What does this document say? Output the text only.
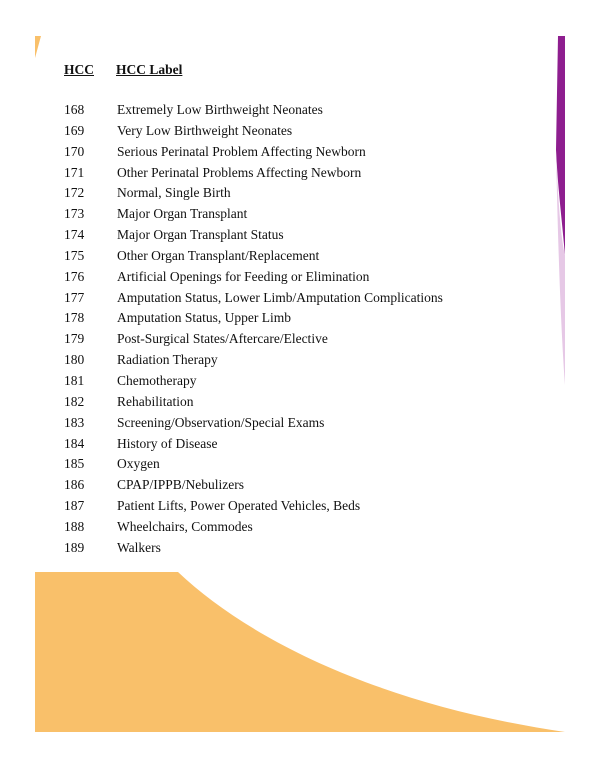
HCC HCC Label
168 Extremely Low Birthweight Neonates
169 Very Low Birthweight Neonates
170 Serious Perinatal Problem Affecting Newborn
171 Other Perinatal Problems Affecting Newborn
172 Normal, Single Birth
173 Major Organ Transplant
174 Major Organ Transplant Status
175 Other Organ Transplant/Replacement
176 Artificial Openings for Feeding or Elimination
177 Amputation Status, Lower Limb/Amputation Complications
178 Amputation Status, Upper Limb
179 Post-Surgical States/Aftercare/Elective
180 Radiation Therapy
181 Chemotherapy
182 Rehabilitation
183 Screening/Observation/Special Exams
184 History of Disease
185 Oxygen
186 CPAP/IPPB/Nebulizers
187 Patient Lifts, Power Operated Vehicles, Beds
188 Wheelchairs, Commodes
189 Walkers
